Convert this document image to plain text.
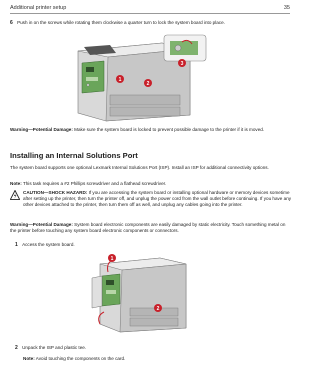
Additional printer setup	35
6 Push in on the screws while rotating them clockwise a quarter turn to lock the system board into place.
1
2
3
Warning—Potential Damage: Make sure the system board is locked to prevent possible damage to the printer if it is moved.
Installing an Internal Solutions Port
The system board supports one optional Lexmark Internal Solutions Port (ISP). Install an ISP for additional connectivity options.
Note: This task requires a #2 Phillips screwdriver and a flathead screwdriver.
CAUTION—SHOCK HAZARD: If you are accessing the system board or installing optional hardware or memory devices sometime after setting up the printer, then turn the printer off, and unplug the power cord from the wall outlet before continuing. If you have any other devices attached to the printer, then turn them off as well, and unplug any cables going into the printer.
Warning—Potential Damage: System board electronic components are easily damaged by static electricity. Touch something metal on the printer before touching any system board electronic components or connectors.
1 Access the system board.
1
2
2 Unpack the ISP and plastic tee.
Note: Avoid touching the components on the card.
